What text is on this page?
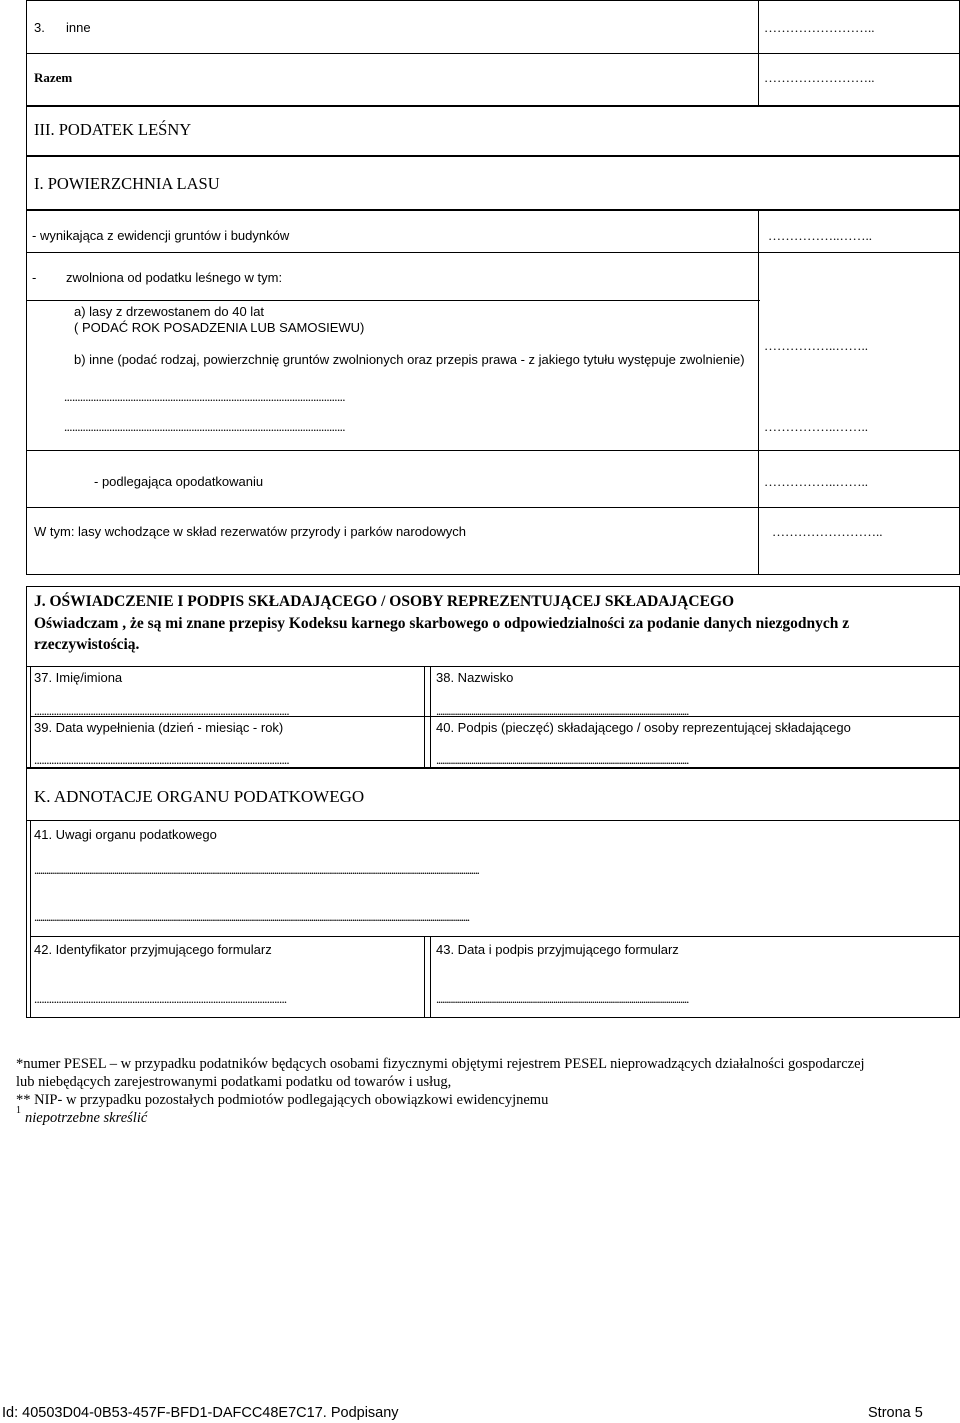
3. inne	……………………..
Razem	……………………..
III. PODATEK LEŚNY
I. POWIERZCHNIA LASU
- wynikająca z ewidencji gruntów i budynków	……………..……..
- zwolniona od podatku leśnego w tym:
a) lasy z drzewostanem do 40 lat
( PODAĆ ROK POSADZENIA LUB SAMOSIEWU)
……………..……..
b) inne (podać rodzaj, powierzchnię gruntów zwolnionych oraz przepis prawa - z jakiego tytułu występuje zwolnienie)
..........................................................................................................
..........................................................................................................	……………..……..
- podlegająca opodatkowaniu	……………..……..
W tym: lasy wchodzące w skład rezerwatów przyrody i parków narodowych	……………………..
J. OŚWIADCZENIE I PODPIS SKŁADAJĄCEGO / OSOBY REPREZENTUJĄCEJ SKŁADAJĄCEGO
Oświadczam , że są mi znane przepisy Kodeksu karnego skarbowego o odpowiedzialności za podanie danych niezgodnych z
rzeczywistością.
37. Imię/imiona
........................................................................................................
38. Nazwisko
...........................................................................................................................
39. Data wypełnienia (dzień - miesiąc - rok)
........................................................................................................
40. Podpis (pieczęć) składającego / osoby reprezentującej składającego
...........................................................................................................................
K. ADNOTACJE ORGANU PODATKOWEGO
41. Uwagi organu podatkowego
....................................................................................................................................................................................................................................
...............................................................................................................................................................................................................................
42. Identyfikator przyjmującego formularz
.......................................................................................................
43. Data i podpis przyjmującego formularz
...........................................................................................................................
*numer PESEL – w przypadku podatników będących osobami fizycznymi objętymi rejestrem PESEL nieprowadzących działalności gospodarczej
lub niebędących zarejestrowanymi podatkami podatku od towarów i usług,
** NIP- w przypadku pozostałych podmiotów podlegających obowiązkowi ewidencyjnemu
1 niepotrzebne skreślić
Id: 40503D04-0B53-457F-BFD1-DAFCC48E7C17. Podpisany	Strona 5
